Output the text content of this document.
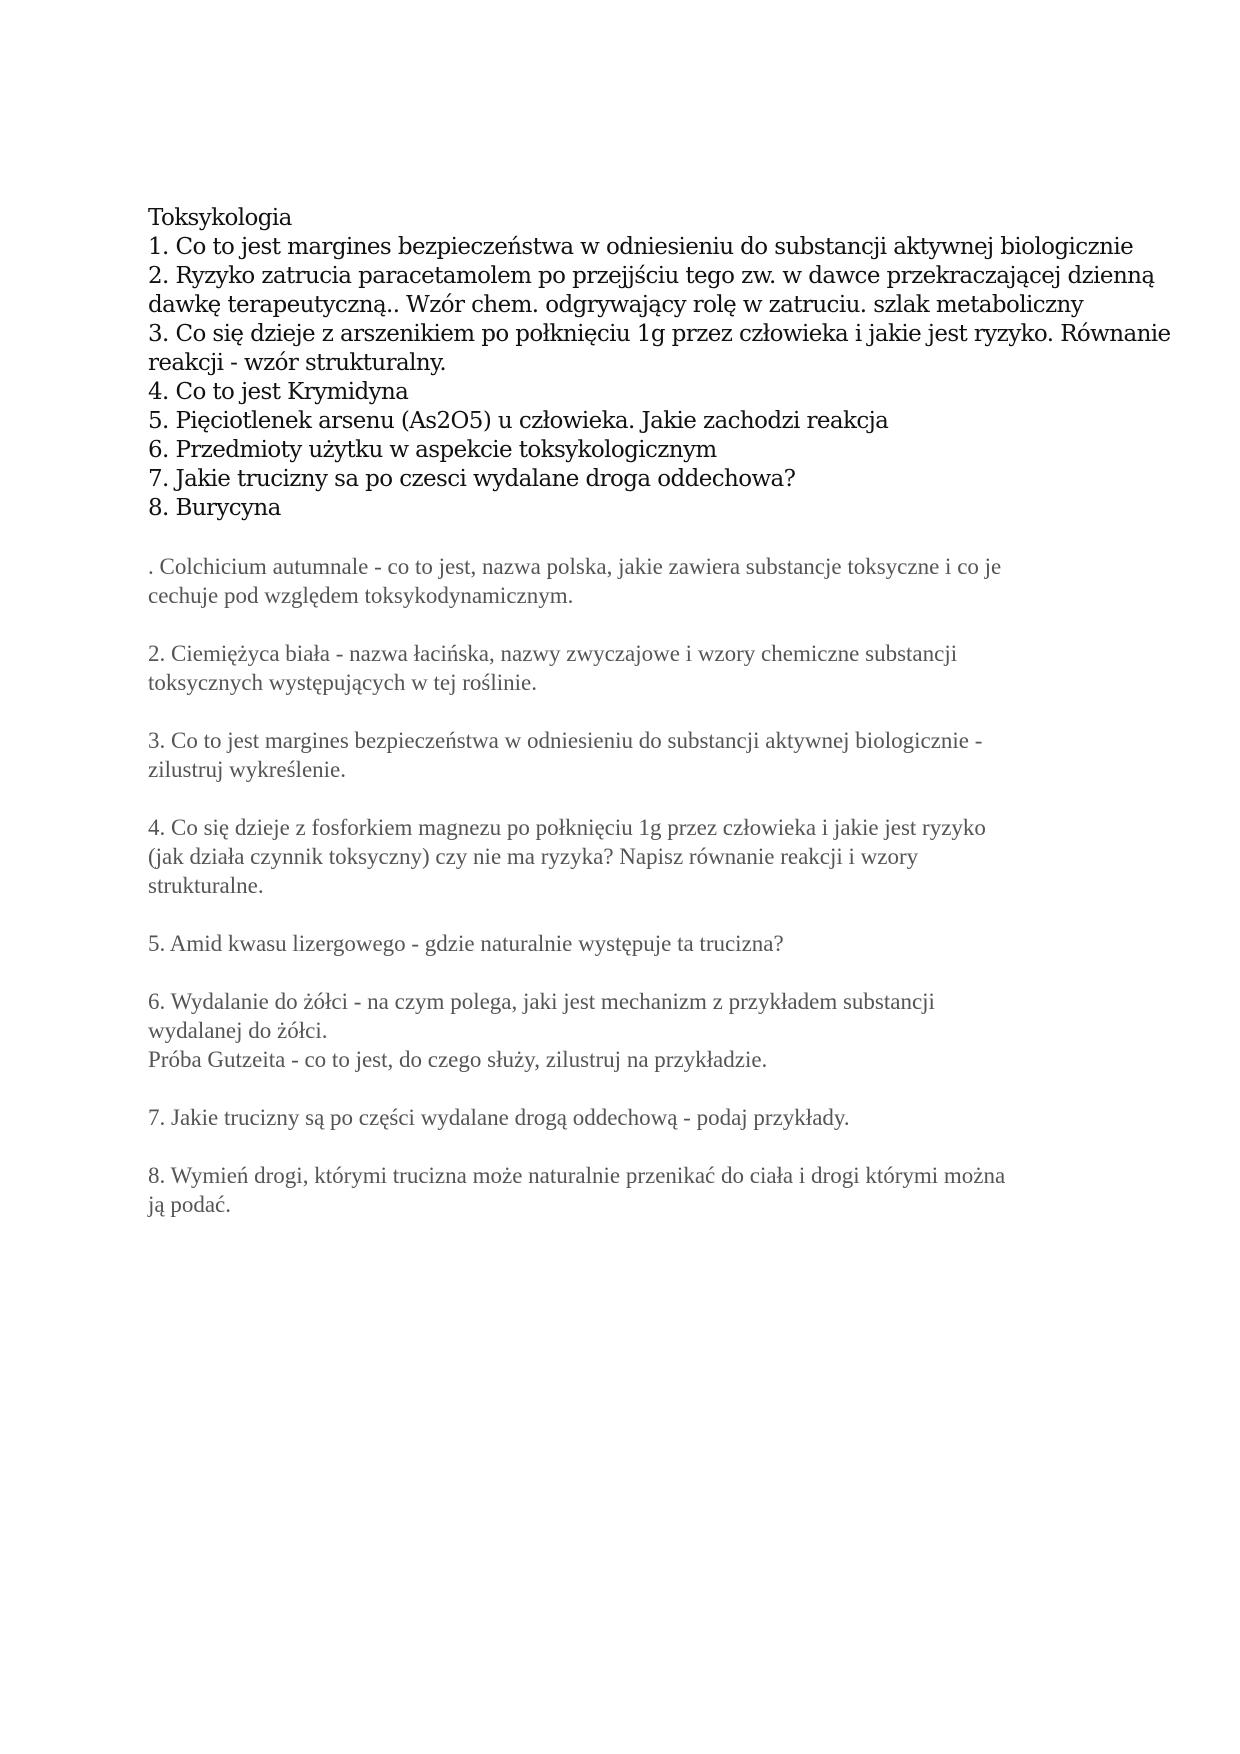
Toksykologia

1. Co to jest margines bezpieczeństwa w odniesieniu do substancji aktywnej biologicznie

2. Ryzyko zatrucia paracetamolem po przejjściu tego zw. w dawce przekraczającej dzienną

dawkę terapeutyczną.. Wzór chem. odgrywający rolę w zatruciu. szlak metaboliczny

3. Co się dzieje z arszenikiem po połknięciu 1g przez człowieka i jakie jest ryzyko. Równanie

reakcji - wzór strukturalny.

4. Co to jest Krymidyna

5. Pięciotlenek arsenu (As2O5) u człowieka. Jakie zachodzi reakcja

6. Przedmioty użytku w aspekcie toksykologicznym

7. Jakie trucizny sa po czesci wydalane droga oddechowa?

8. Burycyna

. Colchicium autumnale - co to jest, nazwa polska, jakie zawiera substancje toksyczne i co je
cechuje pod względem toksykodynamicznym.
2. Ciemiężyca biała - nazwa łacińska, nazwy zwyczajowe i wzory chemiczne substancji
toksycznych występujących w tej roślinie.
3. Co to jest margines bezpieczeństwa w odniesieniu do substancji aktywnej biologicznie -
zilustruj wykreślenie.
4. Co się dzieje z fosforkiem magnezu po połknięciu 1g przez człowieka i jakie jest ryzyko
(jak działa czynnik toksyczny) czy nie ma ryzyka? Napisz równanie reakcji i wzory
strukturalne.
5. Amid kwasu lizergowego - gdzie naturalnie występuje ta trucizna?
6. Wydalanie do żółci - na czym polega, jaki jest mechanizm z przykładem substancji
wydalanej do żółci.
Próba Gutzeita - co to jest, do czego służy, zilustruj na przykładzie.
7. Jakie trucizny są po części wydalane drogą oddechową - podaj przykłady.
8. Wymień drogi, którymi trucizna może naturalnie przenikać do ciała i drogi którymi można
ją podać.
